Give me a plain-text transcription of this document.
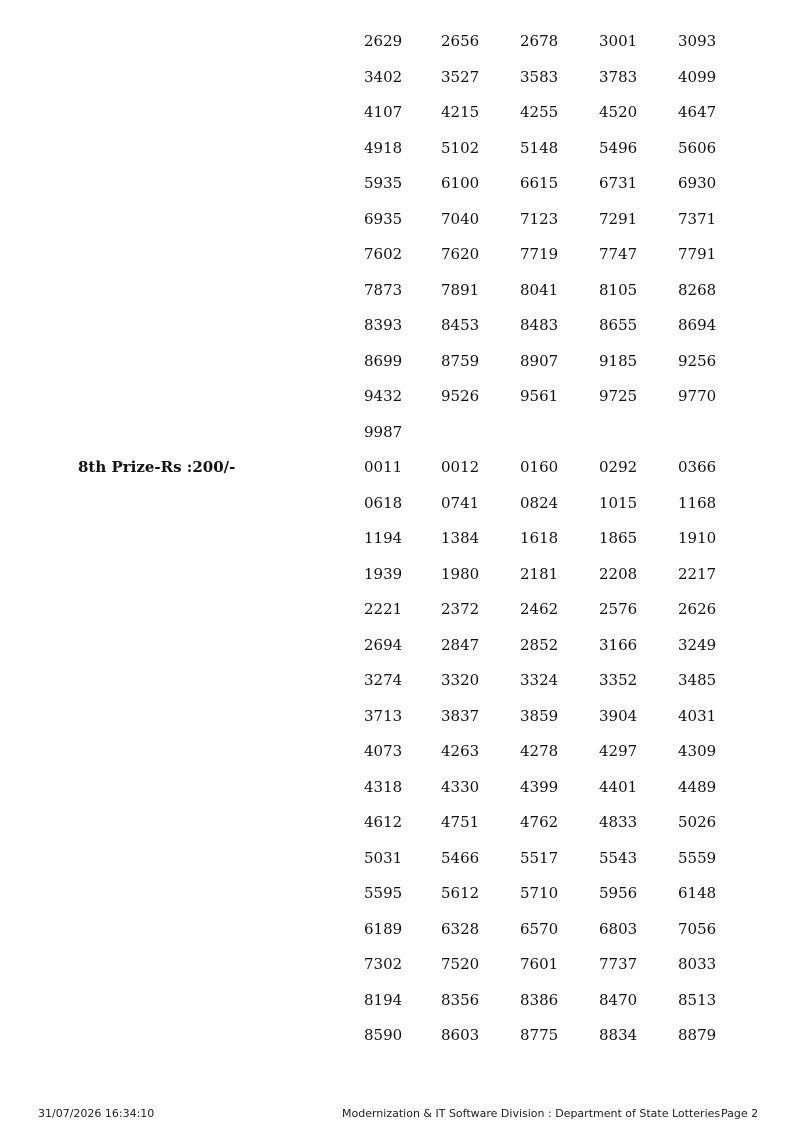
2629	2656	2678	3001	3093
3402	3527	3583	3783	4099
4107	4215	4255	4520	4647
4918	5102	5148	5496	5606
5935	6100	6615	6731	6930
6935	7040	7123	7291	7371
7602	7620	7719	7747	7791
7873	7891	8041	8105	8268
8393	8453	8483	8655	8694
8699	8759	8907	9185	9256
9432	9526	9561	9725	9770
9987
8th Prize-Rs :200/-	0011	0012	0160	0292	0366
0618	0741	0824	1015	1168
1194	1384	1618	1865	1910
1939	1980	2181	2208	2217
2221	2372	2462	2576	2626
2694	2847	2852	3166	3249
3274	3320	3324	3352	3485
3713	3837	3859	3904	4031
4073	4263	4278	4297	4309
4318	4330	4399	4401	4489
4612	4751	4762	4833	5026
5031	5466	5517	5543	5559
5595	5612	5710	5956	6148
6189	6328	6570	6803	7056
7302	7520	7601	7737	8033
8194	8356	8386	8470	8513
8590	8603	8775	8834	8879
31/07/2026 16:34:10	Modernization & IT Software Division : Department of State Lotteries Page 2
